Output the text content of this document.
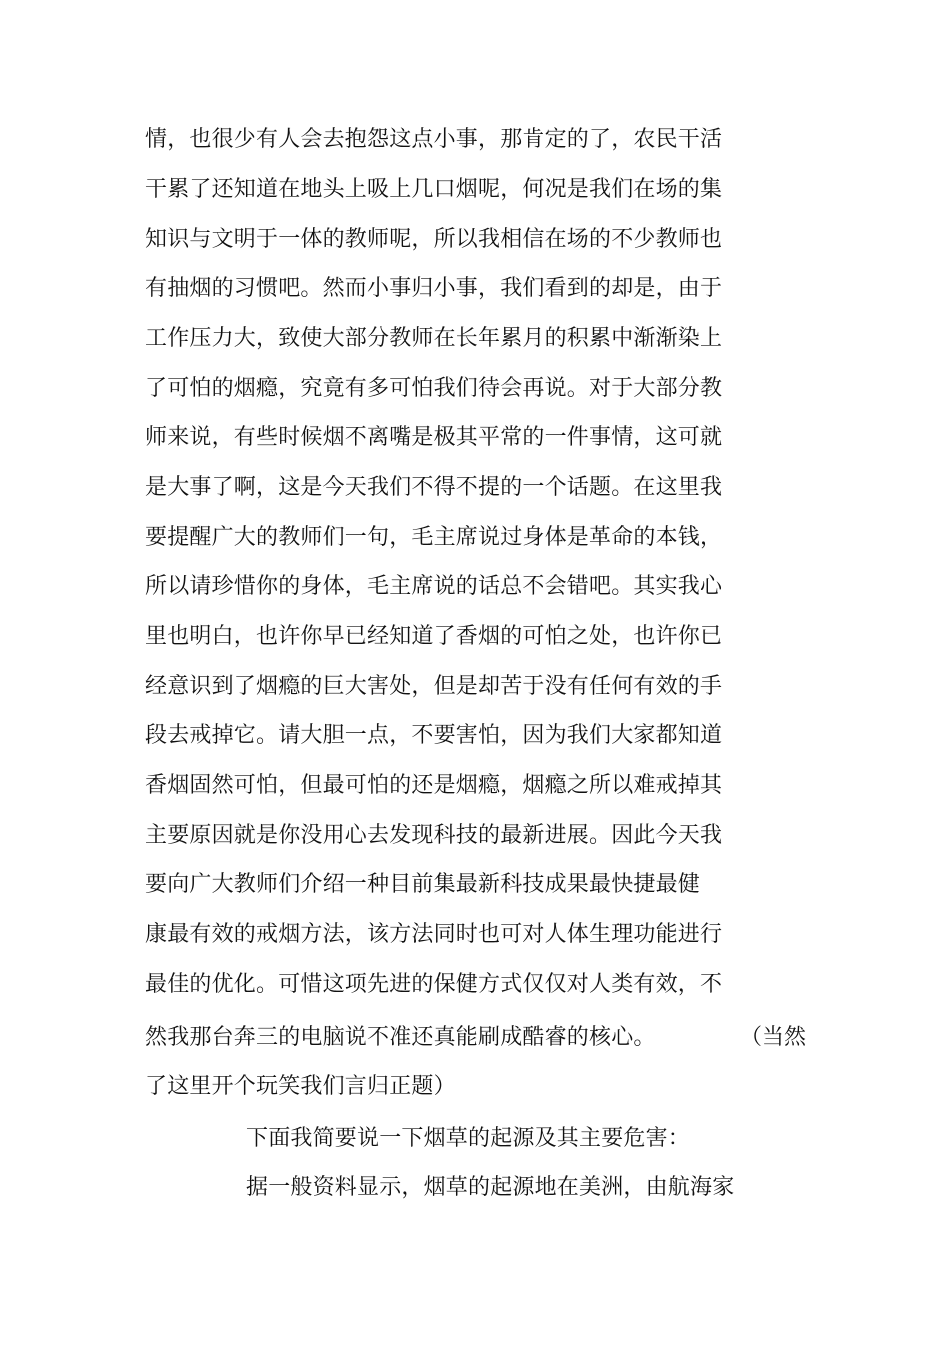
情，也很少有人会去抱怨这点小事，那肯定的了，农民干活
干累了还知道在地头上吸上几口烟呢，何况是我们在场的集
知识与文明于一体的教师呢，所以我相信在场的不少教师也
有抽烟的习惯吧。然而小事归小事，我们看到的却是，由于
工作压力大，致使大部分教师在长年累月的积累中渐渐染上
了可怕的烟瘾，究竟有多可怕我们待会再说。对于大部分教
师来说，有些时候烟不离嘴是极其平常的一件事情，这可就
是大事了啊，这是今天我们不得不提的一个话题。在这里我
要提醒广大的教师们一句，毛主席说过身体是革命的本钱，
所以请珍惜你的身体，毛主席说的话总不会错吧。其实我心
里也明白，也许你早已经知道了香烟的可怕之处，也许你已
经意识到了烟瘾的巨大害处，但是却苦于没有任何有效的手
段去戒掉它。请大胆一点，不要害怕，因为我们大家都知道
香烟固然可怕，但最可怕的还是烟瘾，烟瘾之所以难戒掉其
主要原因就是你没用心去发现科技的最新进展。因此今天我
要向广大教师们介绍一种目前集最新科技成果最快捷最健
康最有效的戒烟方法，该方法同时也可对人体生理功能进行
最佳的优化。可惜这项先进的保健方式仅仅对人类有效，不
然我那台奔三的电脑说不准还真能刷成酷睿的核心。	（当然
了这里开个玩笑我们言归正题）
下面我简要说一下烟草的起源及其主要危害：
据一般资料显示，烟草的起源地在美洲，由航海家
